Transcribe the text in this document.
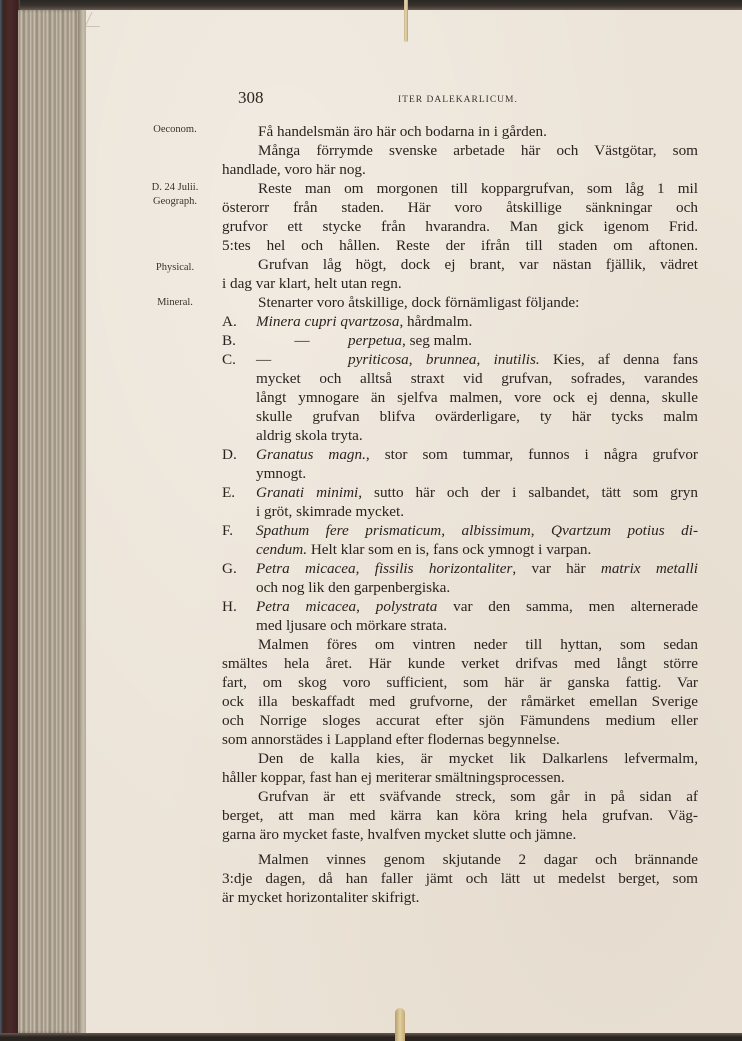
308	ITER DALEKARLICUM.
Oeconom.
D. 24 Julii.
Geograph.
Physical.
Mineral.
Få handelsmän äro här och bodarna in i gården.
Många förrymde svenske arbetade här och Västgötar, som
handlade, voro här nog.
Reste man om morgonen till koppargrufvan, som låg 1 mil
österorr från staden. Här voro åtskillige sänkningar och
grufvor ett stycke från hvarandra. Man gick igenom Frid.
5:tes hel och hållen. Reste der ifrån till staden om aftonen.
Grufvan låg högt, dock ej brant, var nästan fjällik, vädret
i dag var klart, helt utan regn.
Stenarter voro åtskillige, dock förnämligast följande:
A. Minera cupri qvartzosa, hårdmalm.
B.	—	perpetua, seg malm.
C. —	pyriticosa, brunnea, inutilis. Kies, af denna fans
mycket och alltså straxt vid grufvan, sofrades, varandes
långt ymnogare än sjelfva malmen, vore ock ej denna, skulle
skulle grufvan blifva ovärderligare, ty här tycks malm
aldrig skola tryta.
D. Granatus magn., stor som tummar, funnos i några grufvor
ymnogt.
E. Granati minimi, sutto här och der i salbandet, tätt som gryn
i gröt, skimrade mycket.
F. Spathum fere prismaticum, albissimum, Qvartzum potius di-
cendum. Helt klar som en is, fans ock ymnogt i varpan.
G. Petra micacea, fissilis horizontaliter, var här matrix metalli
och nog lik den garpenbergiska.
H. Petra micacea, polystrata var den samma, men alternerade
med ljusare och mörkare strata.
Malmen föres om vintren neder till hyttan, som sedan
smältes hela året. Här kunde verket drifvas med långt större
fart, om skog voro sufficient, som här är ganska fattig. Var
ock illa beskaffadt med grufvorne, der råmärket emellan Sverige
och Norrige sloges accurat efter sjön Fämundens medium eller
som annorstädes i Lappland efter flodernas begynnelse.
Den de kalla kies, är mycket lik Dalkarlens lefvermalm,
håller koppar, fast han ej meriterar smältningsprocessen.
Grufvan är ett sväfvande streck, som går in på sidan af
berget, att man med kärra kan köra kring hela grufvan. Väg-
garna äro mycket faste, hvalfven mycket slutte och jämne.
Malmen vinnes genom skjutande 2 dagar och brännande
3:dje dagen, då han faller jämt och lätt ut medelst berget, som
är mycket horizontaliter skifrigt.
